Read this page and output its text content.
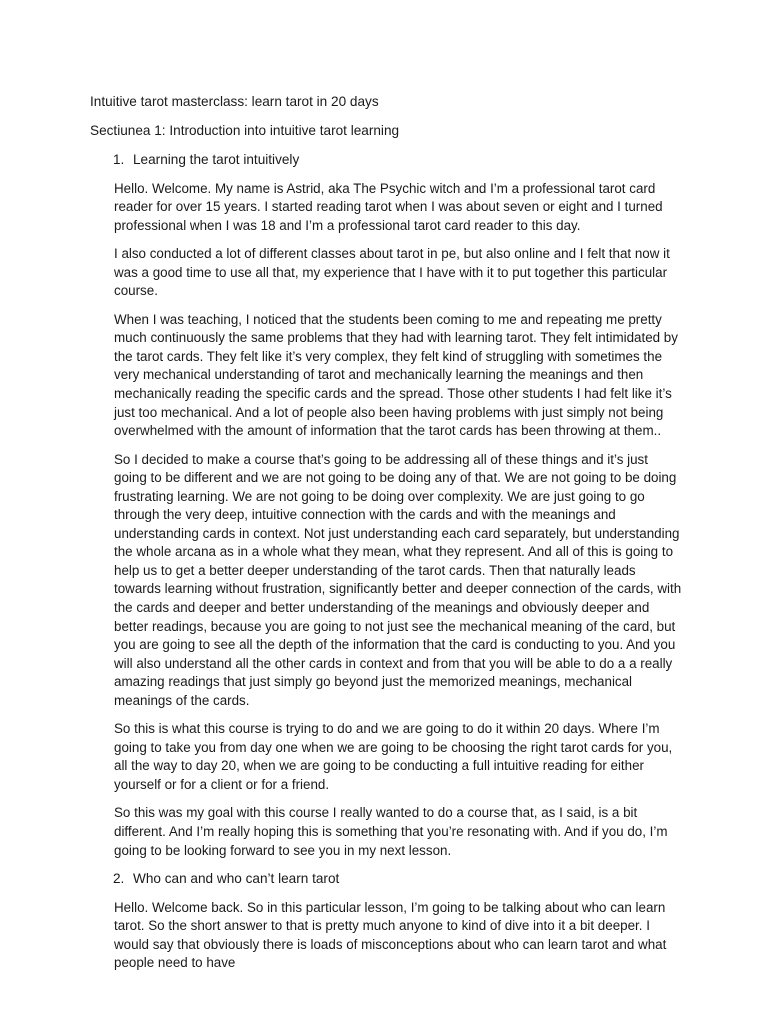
Intuitive tarot masterclass: learn tarot in 20 days

Sectiunea 1: Introduction into intuitive tarot learning

1. Learning the tarot intuitively

Hello. Welcome. My name is Astrid, aka The Psychic witch and I’m a professional tarot card reader for over 15 years. I started reading tarot when I was about seven or eight and I turned professional when I was 18 and I’m a professional tarot card reader to this day.

I also conducted a lot of different classes about tarot in pe, but also online and I felt that now it was a good time to use all that, my experience that I have with it to put together this particular course.

When I was teaching, I noticed that the students been coming to me and repeating me pretty much continuously the same problems that they had with learning tarot. They felt intimidated by the tarot cards. They felt like it’s very complex, they felt kind of struggling with sometimes the very mechanical understanding of tarot and mechanically learning the meanings and then mechanically reading the specific cards and the spread. Those other students I had felt like it’s just too mechanical. And a lot of people also been having problems with just simply not being overwhelmed with the amount of information that the tarot cards has been throwing at them..

So I decided to make a course that’s going to be addressing all of these things and it’s just going to be different and we are not going to be doing any of that. We are not going to be doing frustrating learning. We are not going to be doing over complexity. We are just going to go through the very deep, intuitive connection with the cards and with the meanings and understanding cards in context. Not just understanding each card separately, but understanding the whole arcana as in a whole what they mean, what they represent. And all of this is going to help us to get a better deeper understanding of the tarot cards. Then that naturally leads towards learning without frustration, significantly better and deeper connection of the cards, with the cards and deeper and better understanding of the meanings and obviously deeper and better readings, because you are going to not just see the mechanical meaning of the card, but you are going to see all the depth of the information that the card is conducting to you. And you will also understand all the other cards in context and from that you will be able to do a a really amazing readings that just simply go beyond just the memorized meanings, mechanical meanings of the cards.

So this is what this course is trying to do and we are going to do it within 20 days. Where I’m going to take you from day one when we are going to be choosing the right tarot cards for you, all the way to day 20, when we are going to be conducting a full intuitive reading for either yourself or for a client or for a friend.

So this was my goal with this course I really wanted to do a course that, as I said, is a bit different. And I’m really hoping this is something that you’re resonating with. And if you do, I’m going to be looking forward to see you in my next lesson.

2. Who can and who can’t learn tarot

Hello. Welcome back. So in this particular lesson, I’m going to be talking about who can learn tarot. So the short answer to that is pretty much anyone to kind of dive into it a bit deeper. I would say that obviously there is loads of misconceptions about who can learn tarot and what people need to have
